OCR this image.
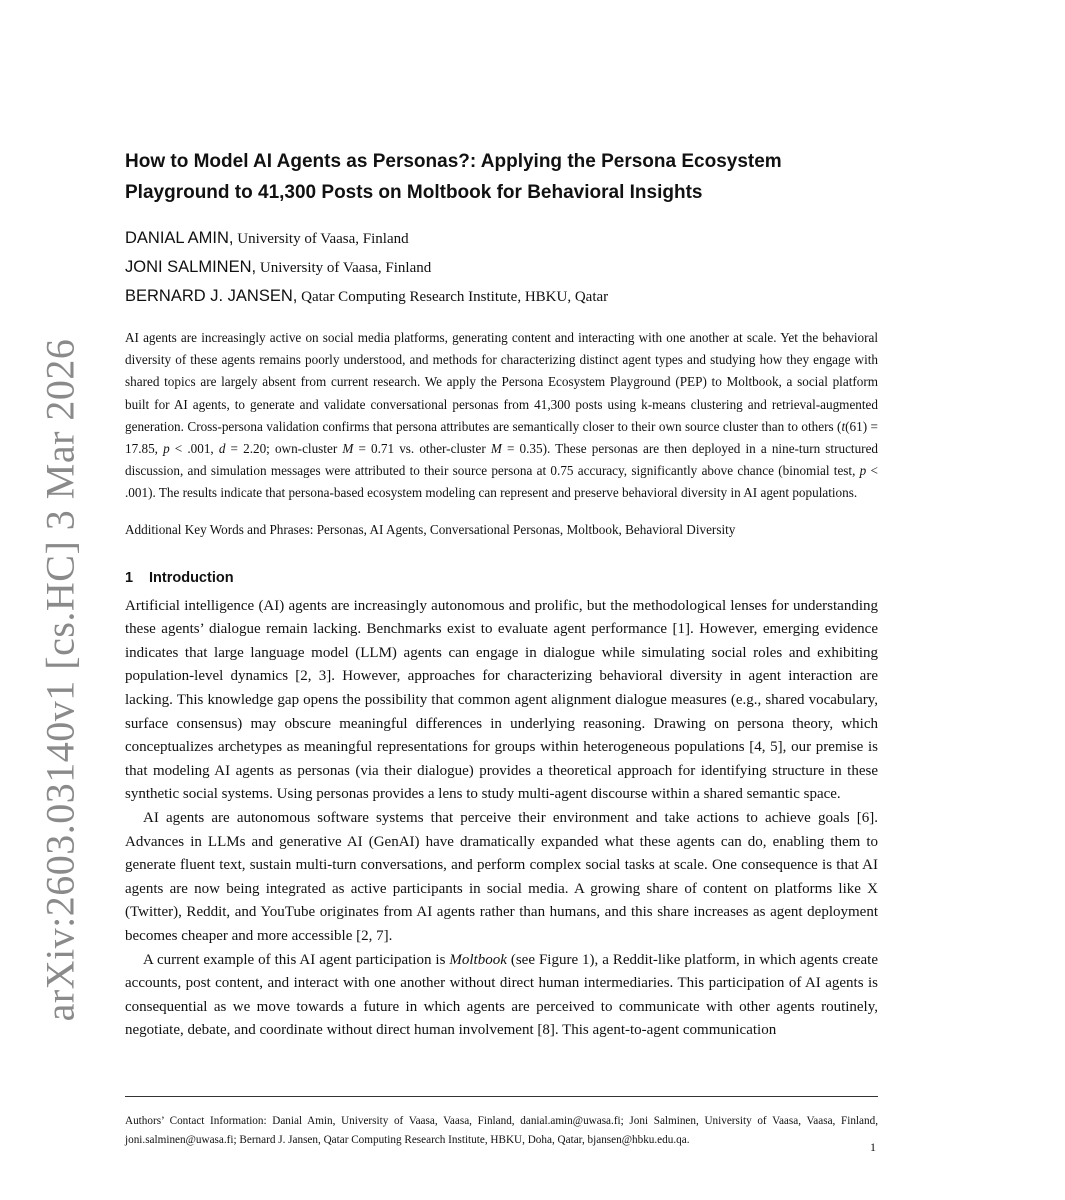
arXiv:2603.03140v1 [cs.HC] 3 Mar 2026
How to Model AI Agents as Personas?: Applying the Persona Ecosystem Playground to 41,300 Posts on Moltbook for Behavioral Insights
DANIAL AMIN, University of Vaasa, Finland
JONI SALMINEN, University of Vaasa, Finland
BERNARD J. JANSEN, Qatar Computing Research Institute, HBKU, Qatar

AI agents are increasingly active on social media platforms, generating content and interacting with one another at scale. Yet the behavioral diversity of these agents remains poorly understood, and methods for characterizing distinct agent types and studying how they engage with shared topics are largely absent from current research. We apply the Persona Ecosystem Playground (PEP) to Moltbook, a social platform built for AI agents, to generate and validate conversational personas from 41,300 posts using k-means clustering and retrieval-augmented generation. Cross-persona validation confirms that persona attributes are semantically closer to their own source cluster than to others (t(61) = 17.85, p < .001, d = 2.20; own-cluster M = 0.71 vs. other-cluster M = 0.35). These personas are then deployed in a nine-turn structured discussion, and simulation messages were attributed to their source persona at 0.75 accuracy, significantly above chance (binomial test, p < .001). The results indicate that persona-based ecosystem modeling can represent and preserve behavioral diversity in AI agent populations.

Additional Key Words and Phrases: Personas, AI Agents, Conversational Personas, Moltbook, Behavioral Diversity

1 Introduction

Artificial intelligence (AI) agents are increasingly autonomous and prolific, but the methodological lenses for understanding these agents’ dialogue remain lacking. Benchmarks exist to evaluate agent performance [1]. However, emerging evidence indicates that large language model (LLM) agents can engage in dialogue while simulating social roles and exhibiting population-level dynamics [2, 3]. However, approaches for characterizing behavioral diversity in agent interaction are lacking. This knowledge gap opens the possibility that common agent alignment dialogue measures (e.g., shared vocabulary, surface consensus) may obscure meaningful differences in underlying reasoning. Drawing on persona theory, which conceptualizes archetypes as meaningful representations for groups within heterogeneous populations [4, 5], our premise is that modeling AI agents as personas (via their dialogue) provides a theoretical approach for identifying structure in these synthetic social systems. Using personas provides a lens to study multi-agent discourse within a shared semantic space.

AI agents are autonomous software systems that perceive their environment and take actions to achieve goals [6]. Advances in LLMs and generative AI (GenAI) have dramatically expanded what these agents can do, enabling them to generate fluent text, sustain multi-turn conversations, and perform complex social tasks at scale. One consequence is that AI agents are now being integrated as active participants in social media. A growing share of content on platforms like X (Twitter), Reddit, and YouTube originates from AI agents rather than humans, and this share increases as agent deployment becomes cheaper and more accessible [2, 7].

A current example of this AI agent participation is Moltbook (see Figure 1), a Reddit-like platform, in which agents create accounts, post content, and interact with one another without direct human intermediaries. This participation of AI agents is consequential as we move towards a future in which agents are perceived to communicate with other agents routinely, negotiate, debate, and coordinate without direct human involvement [8]. This agent-to-agent communication

Authors’ Contact Information: Danial Amin, University of Vaasa, Vaasa, Finland, danial.amin@uwasa.fi; Joni Salminen, University of Vaasa, Vaasa, Finland, joni.salminen@uwasa.fi; Bernard J. Jansen, Qatar Computing Research Institute, HBKU, Doha, Qatar, bjansen@hbku.edu.qa.	1
